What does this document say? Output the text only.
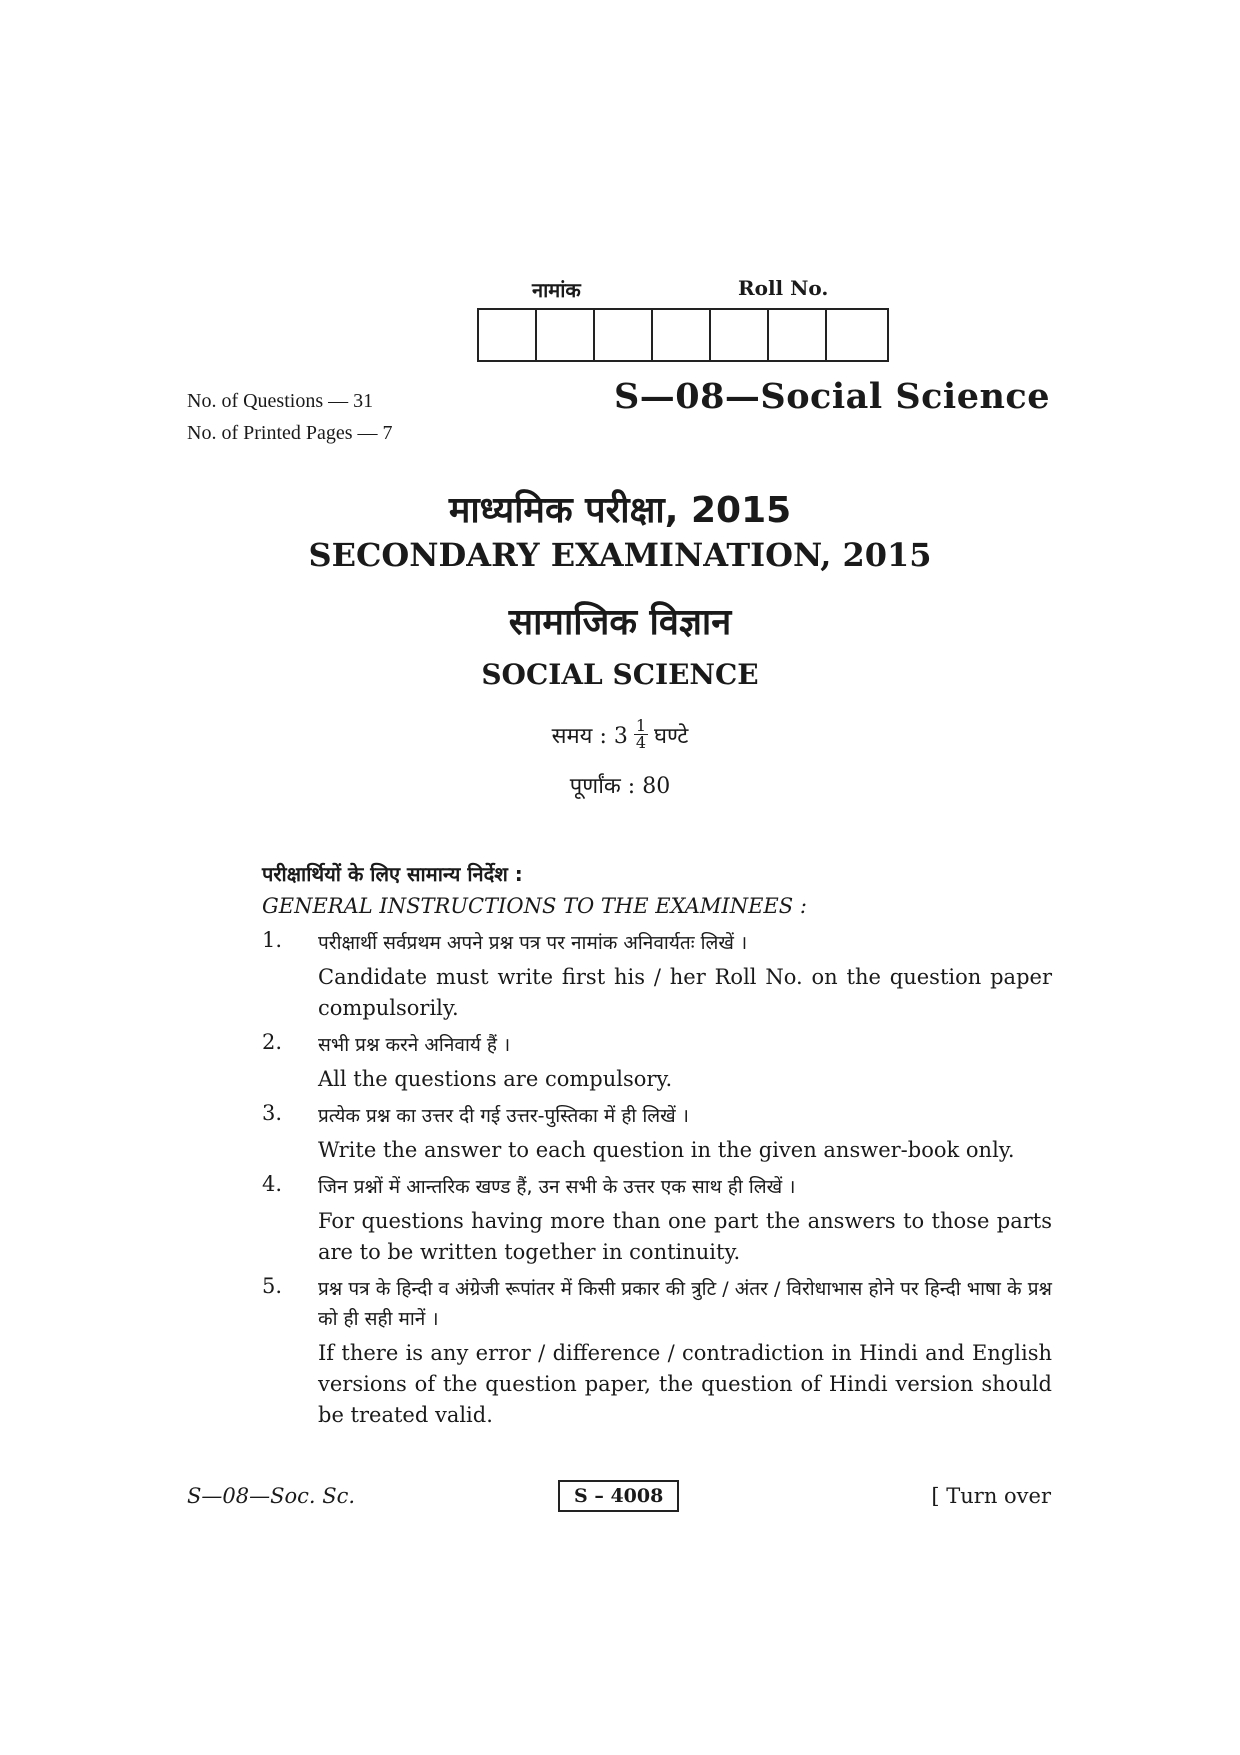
नामांक	Roll No.
No. of Questions — 31
No. of Printed Pages — 7
S—08—Social Science
माध्यमिक परीक्षा, 2015
SECONDARY EXAMINATION, 2015
सामाजिक विज्ञान
SOCIAL SCIENCE
समय : $3 \frac{1}{4}$ घण्टे
पूर्णांक : 80
परीक्षार्थियों के लिए सामान्य निर्देश :
GENERAL INSTRUCTIONS TO THE EXAMINEES :
1.	परीक्षार्थी सर्वप्रथम अपने प्रश्न पत्र पर नामांक अनिवार्यतः लिखें ।
Candidate must write first his / her Roll No. on the question paper compulsorily.
2.	सभी प्रश्न करने अनिवार्य हैं ।
All the questions are compulsory.
3.	प्रत्येक प्रश्न का उत्तर दी गई उत्तर-पुस्तिका में ही लिखें ।
Write the answer to each question in the given answer-book only.
4.	जिन प्रश्नों में आन्तरिक खण्ड हैं, उन सभी के उत्तर एक साथ ही लिखें ।
For questions having more than one part the answers to those parts are to be written together in continuity.
5.	प्रश्न पत्र के हिन्दी व अंग्रेजी रूपांतर में किसी प्रकार की त्रुटि / अंतर / विरोधाभास होने पर हिन्दी भाषा के प्रश्न को ही सही मानें ।
If there is any error / difference / contradiction in Hindi and English versions of the question paper, the question of Hindi version should be treated valid.
S—08—Soc. Sc.	S – 4008	[ Turn over
